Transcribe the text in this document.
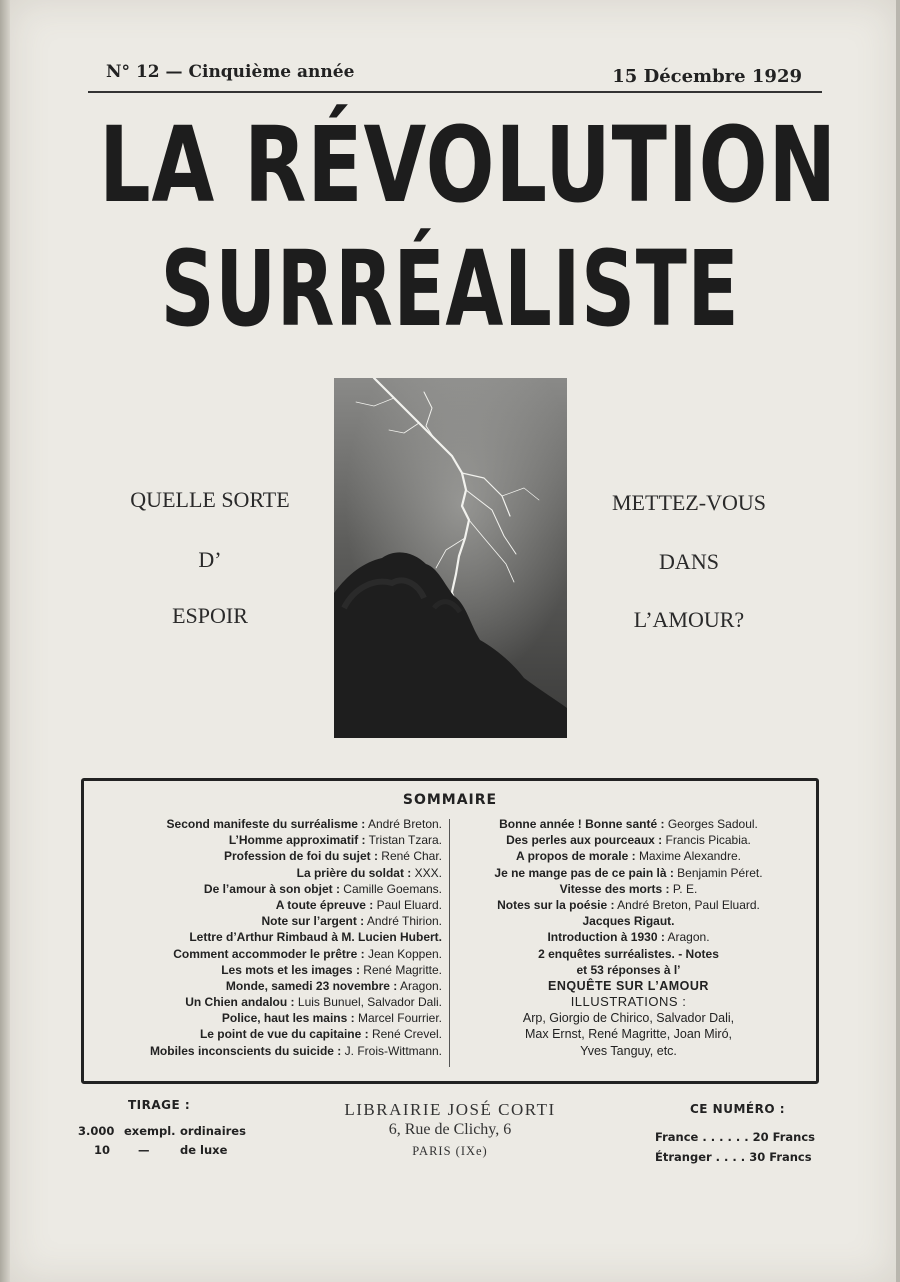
N° 12 — Cinquième année	15 Décembre 1929
LA RÉVOLUTION
SURRÉALISTE
QUELLE SORTE
D’
ESPOIR
METTEZ-VOUS
DANS
L’AMOUR?
SOMMAIRE
Second manifeste du surréalisme : André Breton.
L’Homme approximatif : Tristan Tzara.
Profession de foi du sujet : René Char.
La prière du soldat : XXX.
De l’amour à son objet : Camille Goemans.
A toute épreuve : Paul Eluard.
Note sur l’argent : André Thirion.
Lettre d’Arthur Rimbaud à M. Lucien Hubert.
Comment accommoder le prêtre : Jean Koppen.
Les mots et les images : René Magritte.
Monde, samedi 23 novembre : Aragon.
Un Chien andalou : Luis Bunuel, Salvador Dali.
Police, haut les mains : Marcel Fourrier.
Le point de vue du capitaine : René Crevel.
Mobiles inconscients du suicide : J. Frois-Wittmann.
Bonne année ! Bonne santé : Georges Sadoul.
Des perles aux pourceaux : Francis Picabia.
A propos de morale : Maxime Alexandre.
Je ne mange pas de ce pain là : Benjamin Péret.
Vitesse des morts : P. E.
Notes sur la poésie : André Breton, Paul Eluard.
Jacques Rigaut.
Introduction à 1930 : Aragon.
2 enquêtes surréalistes. - Notes
et 53 réponses à l’
ENQUÊTE SUR L’AMOUR
ILLUSTRATIONS :
Arp, Giorgio de Chirico, Salvador Dali,
Max Ernst, René Magritte, Joan Miró,
Yves Tanguy, etc.
TIRAGE :
3.000 exempl. ordinaires
10 —	de luxe
LIBRAIRIE JOSÉ CORTI
6, Rue de Clichy, 6
PARIS (IXe)
CE NUMÉRO :
France . . . . . . 20 Francs
Étranger . . . . 30 Francs
